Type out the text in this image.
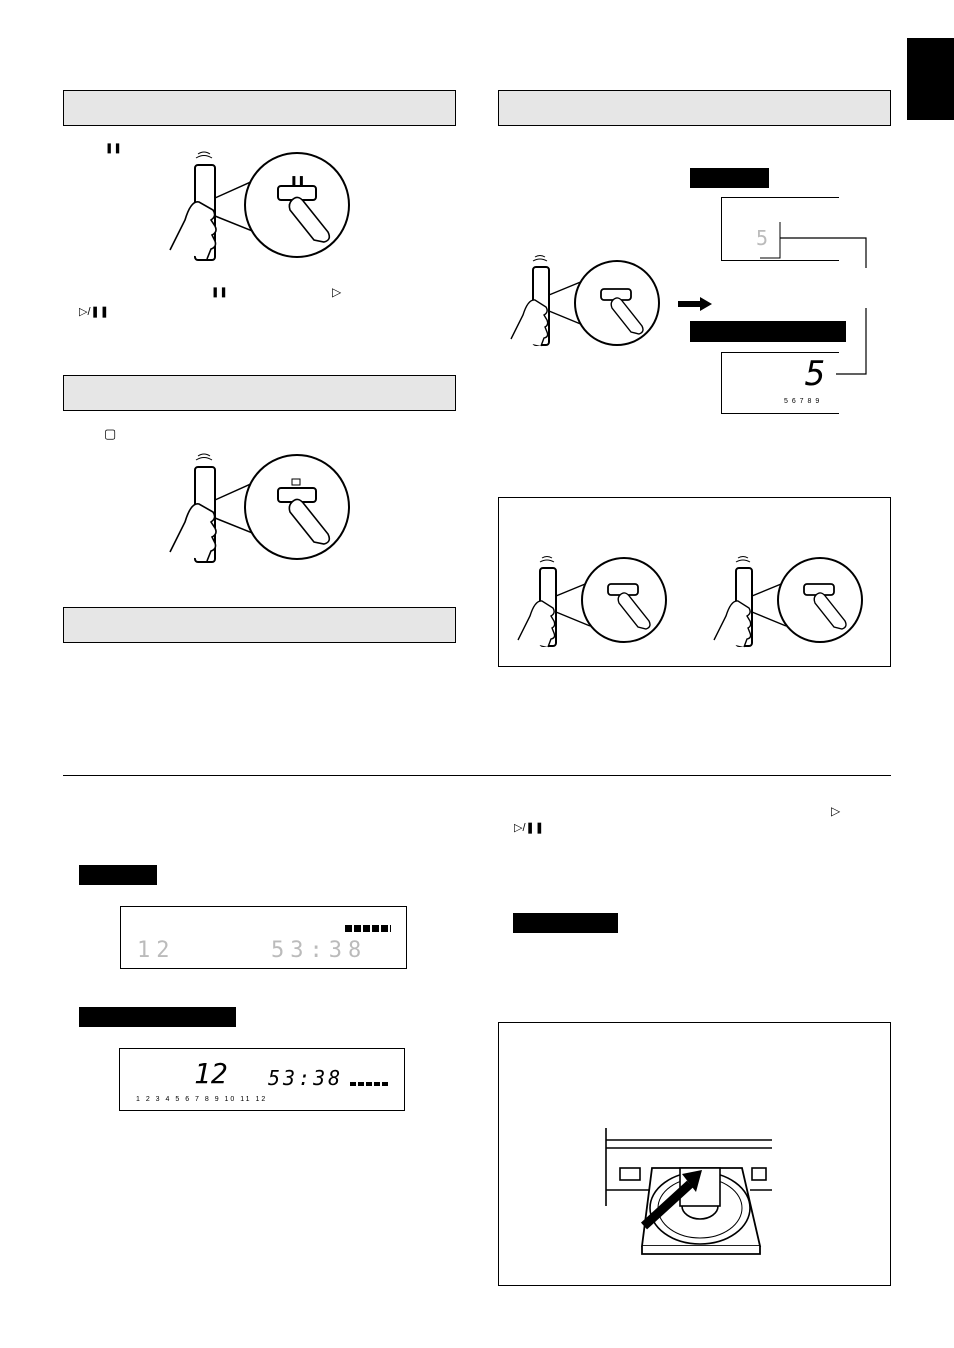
❚❚
❚❚
❚❚	▷
▷/❚❚
▢
5
5
5 6 7 8 9
12	53:38
12 53:38
1 2 3 4 5 6 7 8 9 10 11 12
▷
▷/❚❚
